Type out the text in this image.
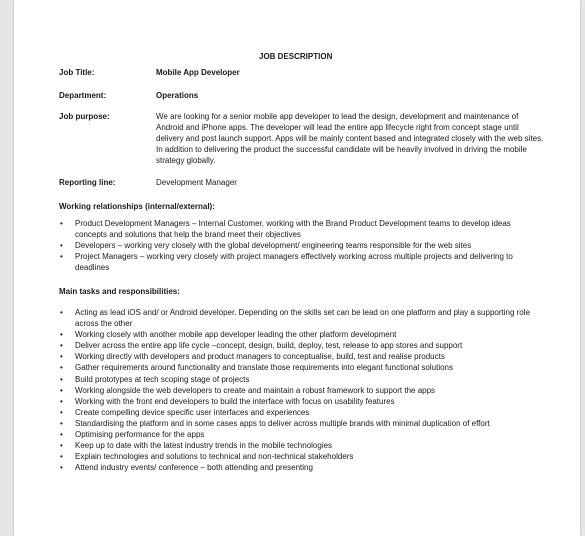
JOB DESCRIPTION
Job Title:	Mobile App Developer
Department:	Operations
Job purpose:	We are looking for a senior mobile app developer to lead the design, development and maintenance of Android and iPhone apps. The developer will lead the entire app lifecycle right from concept stage until delivery and post launch support. Apps will be mainly content based and integrated closely with the web sites. In addition to delivering the product the successful candidate will be heavily involved in driving the mobile strategy globally.
Reporting line:	Development Manager
Working relationships (internal/external):
• Product Development Managers – Internal Customer, working with the Brand Product Development teams to develop ideas concepts and solutions that help the brand meet their objectives
• Developers – working very closely with the global development/ engineering teams responsible for the web sites
• Project Managers – working very closely with project managers effectively working across multiple projects and delivering to deadlines
Main tasks and responsibilities:
• Acting as lead iOS and/ or Android developer. Depending on the skills set can be lead on one platform and play a supporting role across the other
• Working closely with another mobile app developer leading the other platform development
• Deliver across the entire app life cycle –concept, design, build, deploy, test, release to app stores and support
• Working directly with developers and product managers to conceptualise, build, test and realise products
• Gather requirements around functionality and translate those requirements into elegant functional solutions
• Build prototypes at tech scoping stage of projects
• Working alongside the web developers to create and maintain a robust framework to support the apps
• Working with the front end developers to build the interface with focus on usability features
• Create compelling device specific user interfaces and experiences
• Standardising the platform and in some cases apps to deliver across multiple brands with minimal duplication of effort
• Optimising performance for the apps
• Keep up to date with the latest industry trends in the mobile technologies
• Explain technologies and solutions to technical and non-technical stakeholders
• Attend industry events/ conference – both attending and presenting
